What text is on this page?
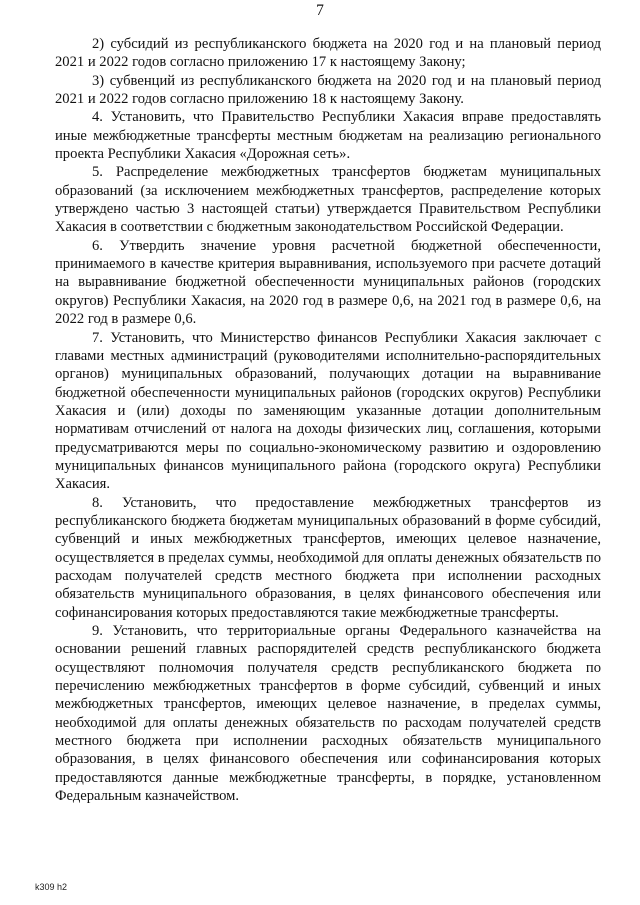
7

2) субсидий из республиканского бюджета на 2020 год и на плановый период 2021 и 2022 годов согласно приложению 17 к настоящему Закону;

3) субвенций из республиканского бюджета на 2020 год и на плановый период 2021 и 2022 годов согласно приложению 18 к настоящему Закону.

4. Установить, что Правительство Республики Хакасия вправе предоставлять иные межбюджетные трансферты местным бюджетам на реализацию регионального проекта Республики Хакасия «Дорожная сеть».

5. Распределение межбюджетных трансфертов бюджетам муниципальных образований (за исключением межбюджетных трансфертов, распределение которых утверждено частью 3 настоящей статьи) утверждается Правительством Республики Хакасия в соответствии с бюджетным законодательством Российской Федерации.

6. Утвердить значение уровня расчетной бюджетной обеспеченности, принимаемого в качестве критерия выравнивания, используемого при расчете дотаций на выравнивание бюджетной обеспеченности муниципальных районов (городских округов) Республики Хакасия, на 2020 год в размере 0,6, на 2021 год в размере 0,6, на 2022 год в размере 0,6.

7. Установить, что Министерство финансов Республики Хакасия заключает с главами местных администраций (руководителями исполнительно-распорядительных органов) муниципальных образований, получающих дотации на выравнивание бюджетной обеспеченности муниципальных районов (городских округов) Республики Хакасия и (или) доходы по заменяющим указанные дотации дополнительным нормативам отчислений от налога на доходы физических лиц, соглашения, которыми предусматриваются меры по социально-экономическому развитию и оздоровлению муниципальных финансов муниципального района (городского округа) Республики Хакасия.

8. Установить, что предоставление межбюджетных трансфертов из республиканского бюджета бюджетам муниципальных образований в форме субсидий, субвенций и иных межбюджетных трансфертов, имеющих целевое назначение, осуществляется в пределах суммы, необходимой для оплаты денежных обязательств по расходам получателей средств местного бюджета при исполнении расходных обязательств муниципального образования, в целях финансового обеспечения или софинансирования которых предоставляются такие межбюджетные трансферты.

9. Установить, что территориальные органы Федерального казначейства на основании решений главных распорядителей средств республиканского бюджета осуществляют полномочия получателя средств республиканского бюджета по перечислению межбюджетных трансфертов в форме субсидий, субвенций и иных межбюджетных трансфертов, имеющих целевое назначение, в пределах суммы, необходимой для оплаты денежных обязательств по расходам получателей средств местного бюджета при исполнении расходных обязательств муниципального образования, в целях финансового обеспечения или софинансирования которых предоставляются данные межбюджетные трансферты, в порядке, установленном Федеральным казначейством.

k309 h2
